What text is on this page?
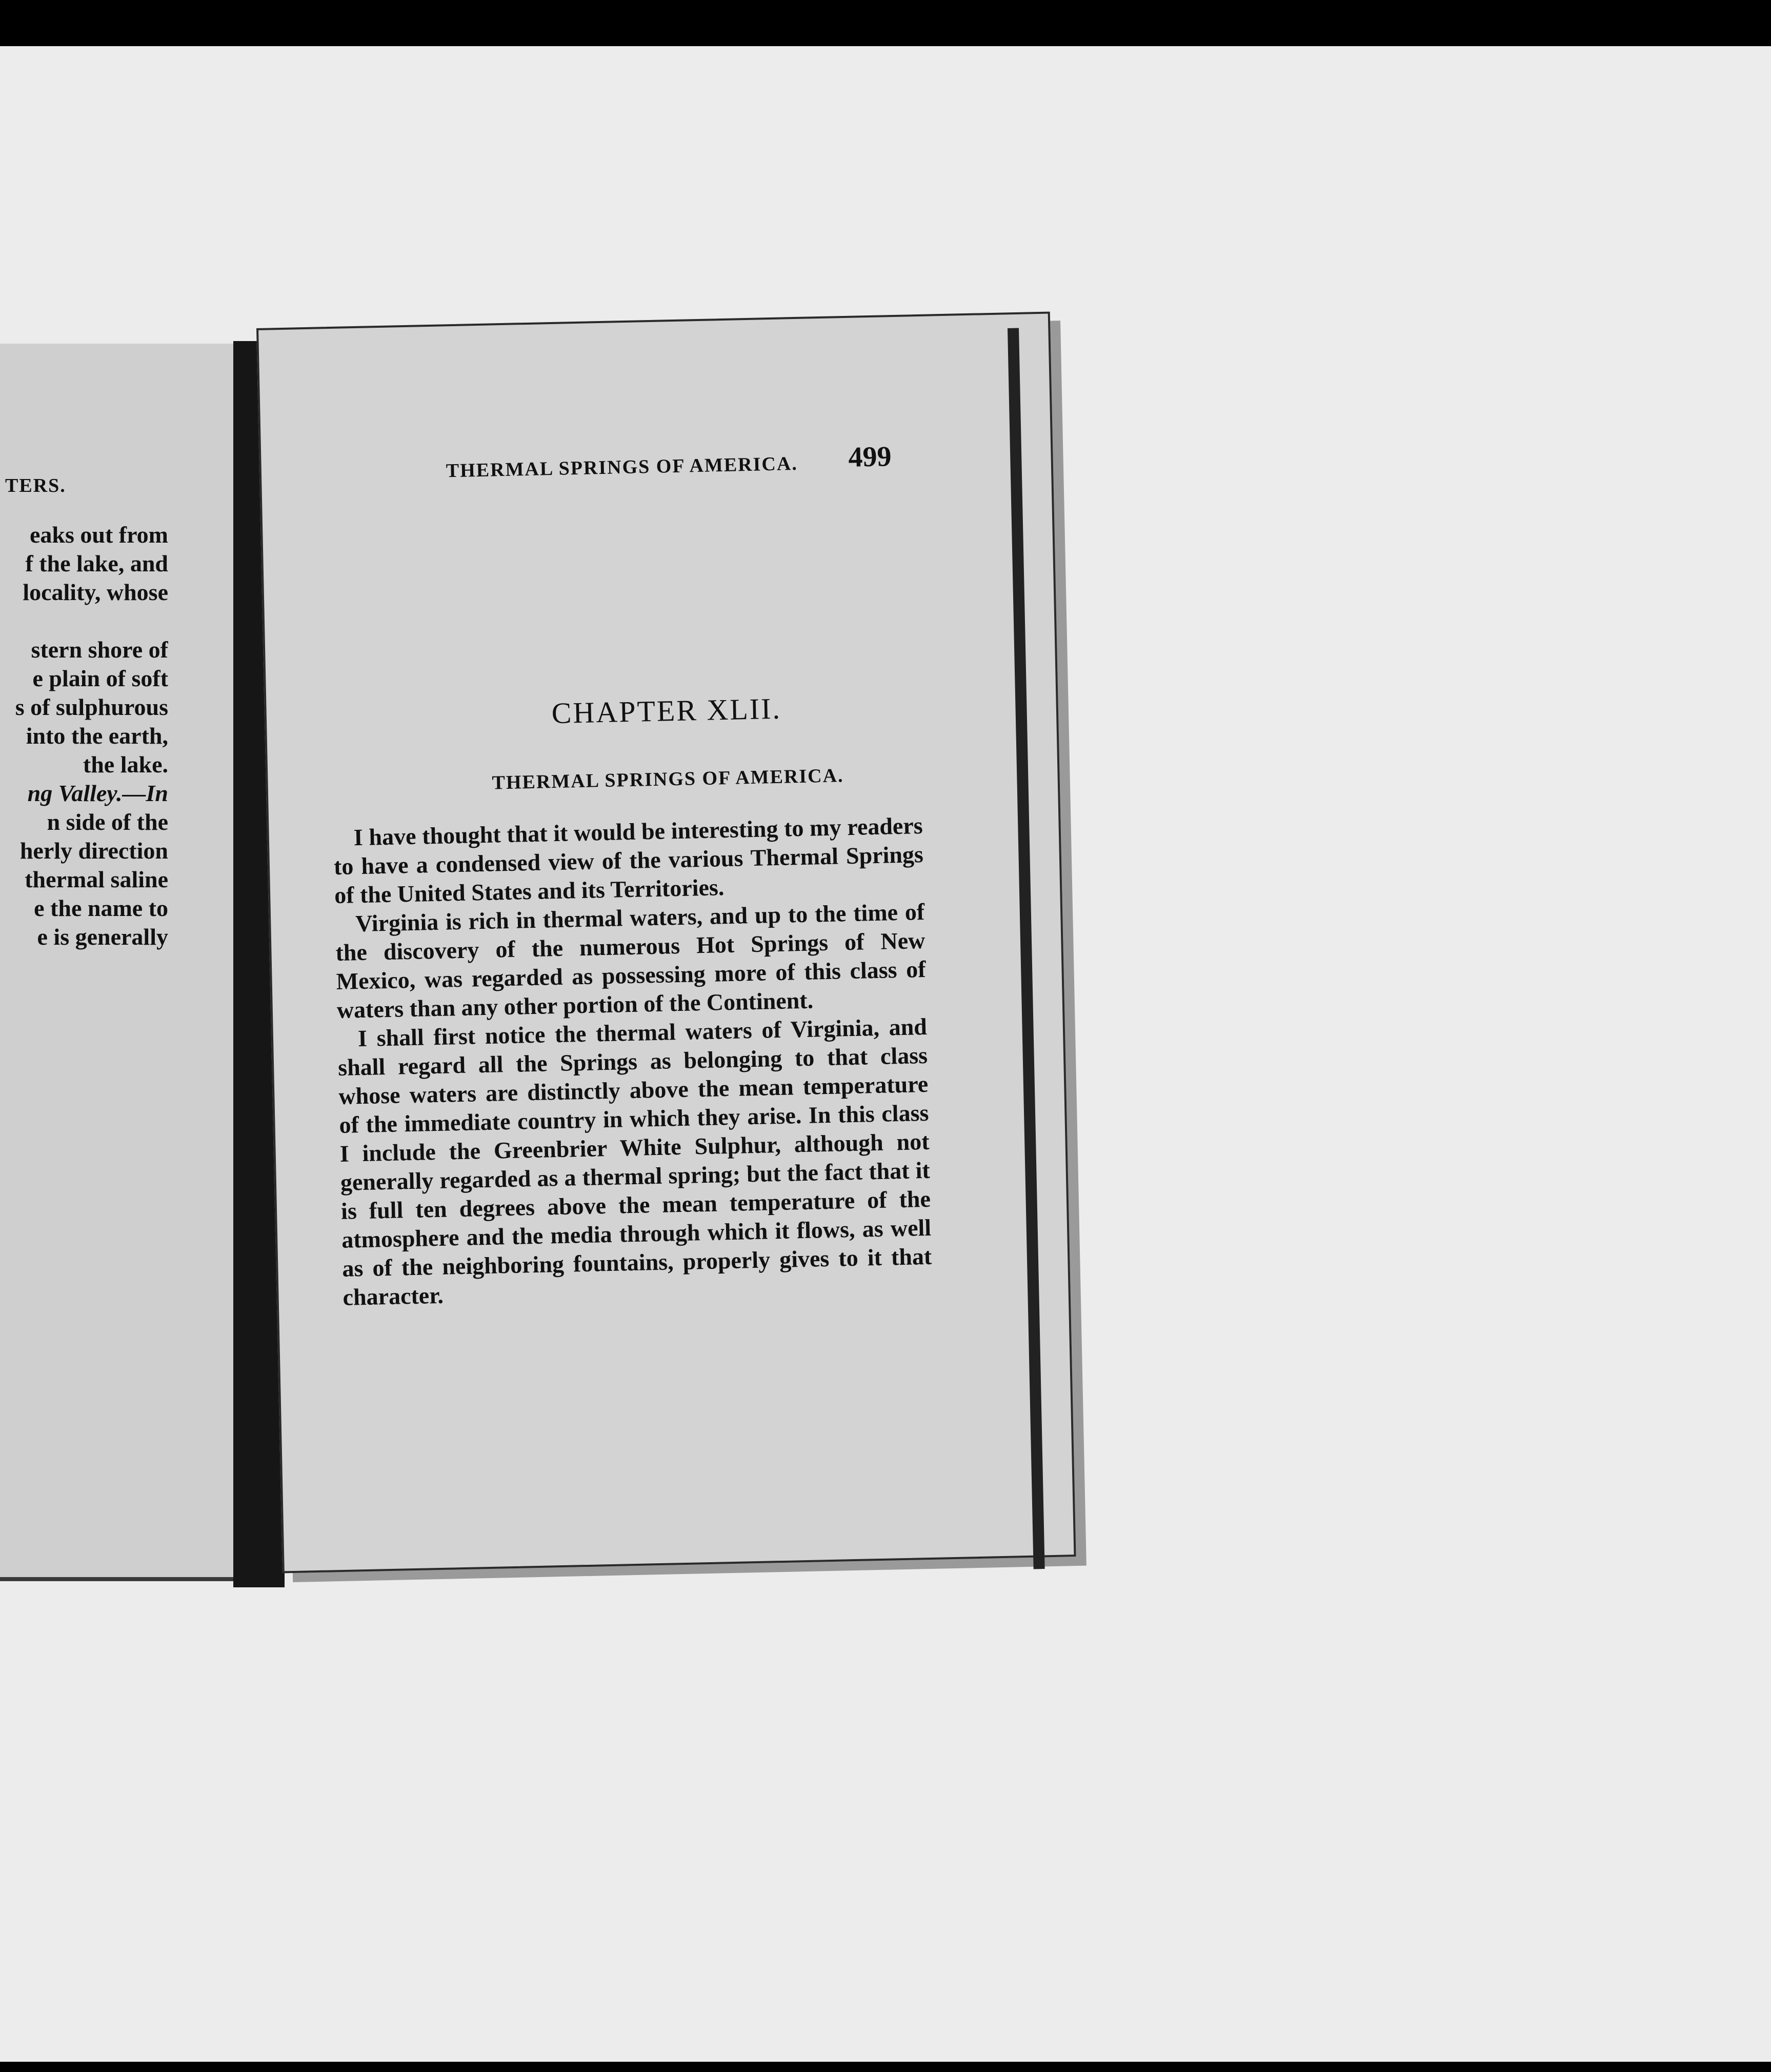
TERS.
eaks out from
f the lake, and
locality, whose
stern shore of
e plain of soft
s of sulphurous
into the earth,
the lake.
ng Valley.—In
n side of the
herly direction
thermal saline
e the name to
e is generally
THERMAL SPRINGS OF AMERICA.	499
CHAPTER XLII.
THERMAL SPRINGS OF AMERICA.

I have thought that it would be interesting to my readers to have a condensed view of the various Thermal Springs of the United States and its Territories.

Virginia is rich in thermal waters, and up to the time of the discovery of the numerous Hot Springs of New Mexico, was regarded as possessing more of this class of waters than any other portion of the Continent.

I shall first notice the thermal waters of Virginia, and shall regard all the Springs as belonging to that class whose waters are distinctly above the mean temperature of the immediate country in which they arise. In this class I include the Greenbrier White Sulphur, although not generally regarded as a thermal spring; but the fact that it is full ten degrees above the mean temperature of the atmosphere and the media through which it flows, as well as of the neighboring fountains, properly gives to it that character.
